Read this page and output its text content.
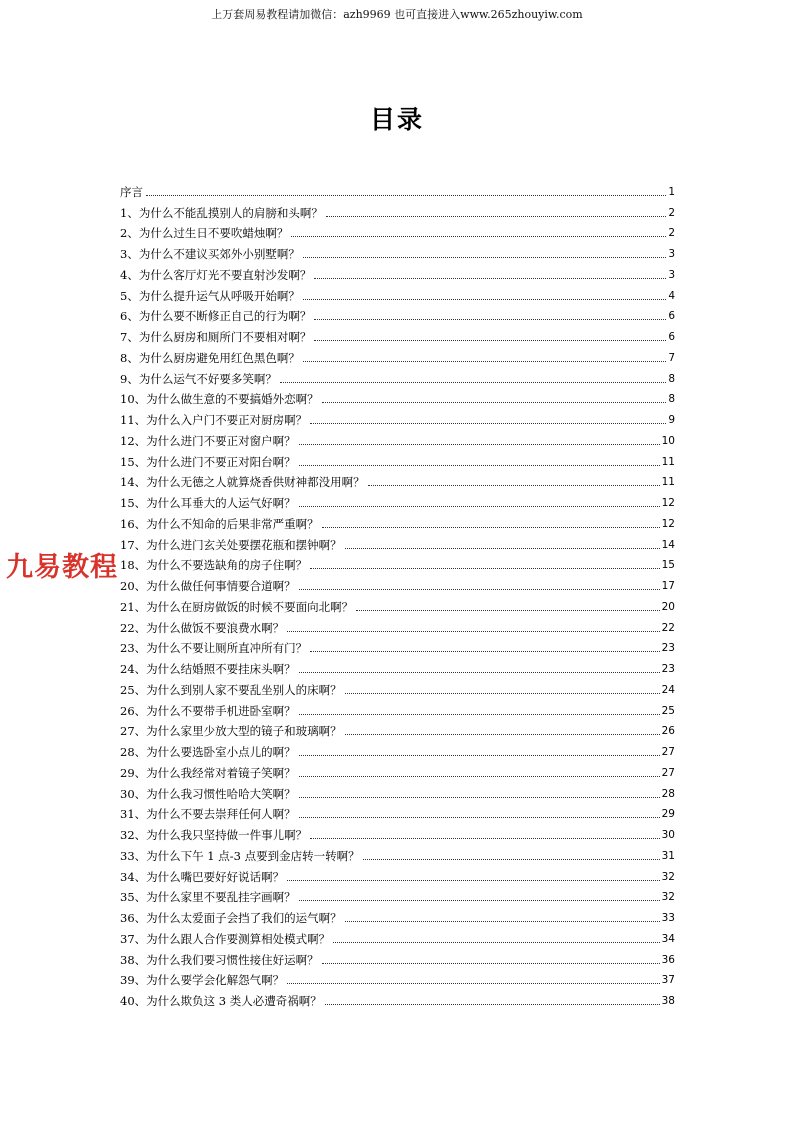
上万套周易教程请加微信：azh9969 也可直接进入www.265zhouyiw.com
目录
序言	1
1、为什么不能乱摸别人的肩膀和头啊？	2
2、为什么过生日不要吹蜡烛啊？	2
3、为什么不建议买郊外小别墅啊？	3
4、为什么客厅灯光不要直射沙发啊？	3
5、为什么提升运气从呼吸开始啊？	4
6、为什么要不断修正自己的行为啊？	6
7、为什么厨房和厕所门不要相对啊？	6
8、为什么厨房避免用红色黑色啊？	7
9、为什么运气不好要多笑啊？	8
10、为什么做生意的不要搞婚外恋啊？	8
11、为什么入户门不要正对厨房啊？	9
12、为什么进门不要正对窗户啊？	10
15、为什么进门不要正对阳台啊？	11
14、为什么无德之人就算烧香供财神都没用啊？	11
15、为什么耳垂大的人运气好啊？	12
16、为什么不知命的后果非常严重啊？	12
17、为什么进门玄关处要摆花瓶和摆钟啊？	14
18、为什么不要选缺角的房子住啊？	15
20、为什么做任何事情要合道啊？	17
21、为什么在厨房做饭的时候不要面向北啊？	20
22、为什么做饭不要浪费水啊？	22
23、为什么不要让厕所直冲所有门？	23
24、为什么结婚照不要挂床头啊？	23
25、为什么到别人家不要乱坐别人的床啊？	24
26、为什么不要带手机进卧室啊？	25
27、为什么家里少放大型的镜子和玻璃啊？	26
28、为什么要选卧室小点儿的啊？	27
29、为什么我经常对着镜子笑啊？	27
30、为什么我习惯性哈哈大笑啊？	28
31、为什么不要去崇拜任何人啊？	29
32、为什么我只坚持做一件事儿啊？	30
33、为什么下午 1 点-3 点要到金店转一转啊？	31
34、为什么嘴巴要好好说话啊？	32
35、为什么家里不要乱挂字画啊？	32
36、为什么太爱面子会挡了我们的运气啊？	33
37、为什么跟人合作要测算相处模式啊？	34
38、为什么我们要习惯性接住好运啊？	36
39、为什么要学会化解怨气啊？	37
40、为什么欺负这 3 类人必遭奇祸啊？	38
九易教程
